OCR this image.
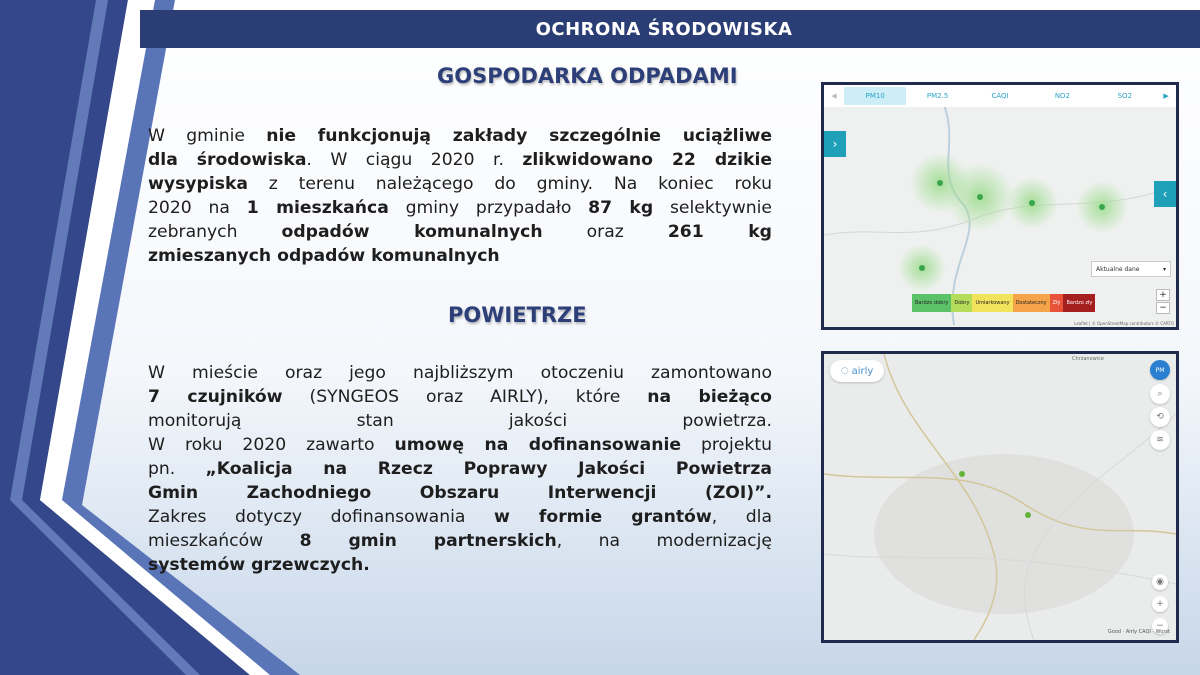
OCHRONA ŚRODOWISKA
GOSPODARKA ODPADAMI
W gminie nie funkcjonują zakłady szczególnie uciążliwe
dla środowiska. W ciągu 2020 r. zlikwidowano 22 dzikie
wysypiska z terenu należącego do gminy. Na koniec roku
2020 na 1 mieszkańca gminy przypadało 87 kg selektywnie
zebranych odpadów komunalnych oraz 261 kg
zmieszanych odpadów komunalnych
POWIETRZE
W mieście oraz jego najbliższym otoczeniu zamontowano
7 czujników (SYNGEOS oraz AIRLY), które na bieżąco
monitorują stan jakości powietrza.
W roku 2020 zawarto umowę na dofinansowanie projektu
pn. „Koalicja na Rzecz Poprawy Jakości Powietrza
Gmin Zachodniego Obszaru Interwencji (ZOI)”.
Zakres dotyczy dofinansowania w formie grantów, dla
mieszkańców 8 gmin partnerskich, na modernizację
systemów grzewczych.
◀	PM10	PM2.5	CAQI	NO2	SO2	▶
›
‹
Aktualne dane	▾
+
−
Bardzo dobry	Dobry	Umiarkowany	Dostateczny	Zły	Bardzo zły
Leaflet | © OpenStreetMap contributors © CARTO
Chrzanowice
◌ airly	PM
⌕
⟲
≋
◉
+
−
Good · Airly CAQI · Worst
